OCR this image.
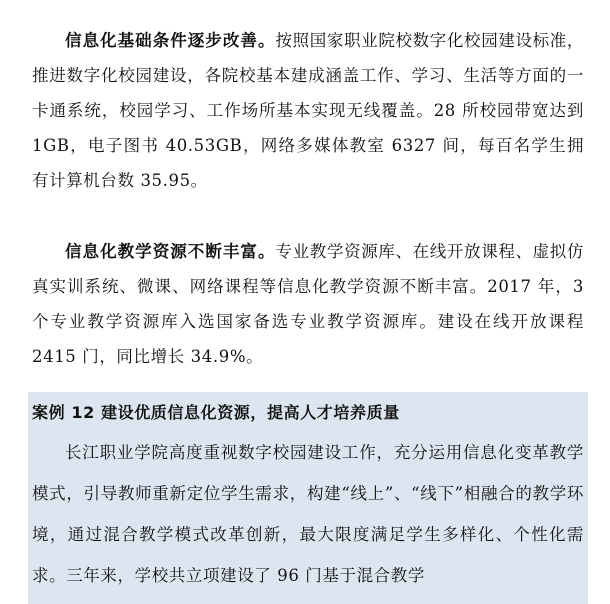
信息化基础条件逐步改善。按照国家职业院校数字化校园建设标准，推进数字化校园建设，各院校基本建成涵盖工作、学习、生活等方面的一卡通系统，校园学习、工作场所基本实现无线覆盖。28 所校园带宽达到 1GB，电子图书 40.53GB，网络多媒体教室 6327 间，每百名学生拥有计算机台数 35.95。

信息化教学资源不断丰富。专业教学资源库、在线开放课程、虚拟仿真实训系统、微课、网络课程等信息化教学资源不断丰富。2017 年，3 个专业教学资源库入选国家备选专业教学资源库。建设在线开放课程 2415 门，同比增长 34.9%。

案例 12 建设优质信息化资源，提高人才培养质量

长江职业学院高度重视数字校园建设工作，充分运用信息化变革教学模式，引导教师重新定位学生需求，构建“线上”、“线下”相融合的教学环境，通过混合教学模式改革创新，最大限度满足学生多样化、个性化需求。三年来，学校共立项建设了 96 门基于混合教学
